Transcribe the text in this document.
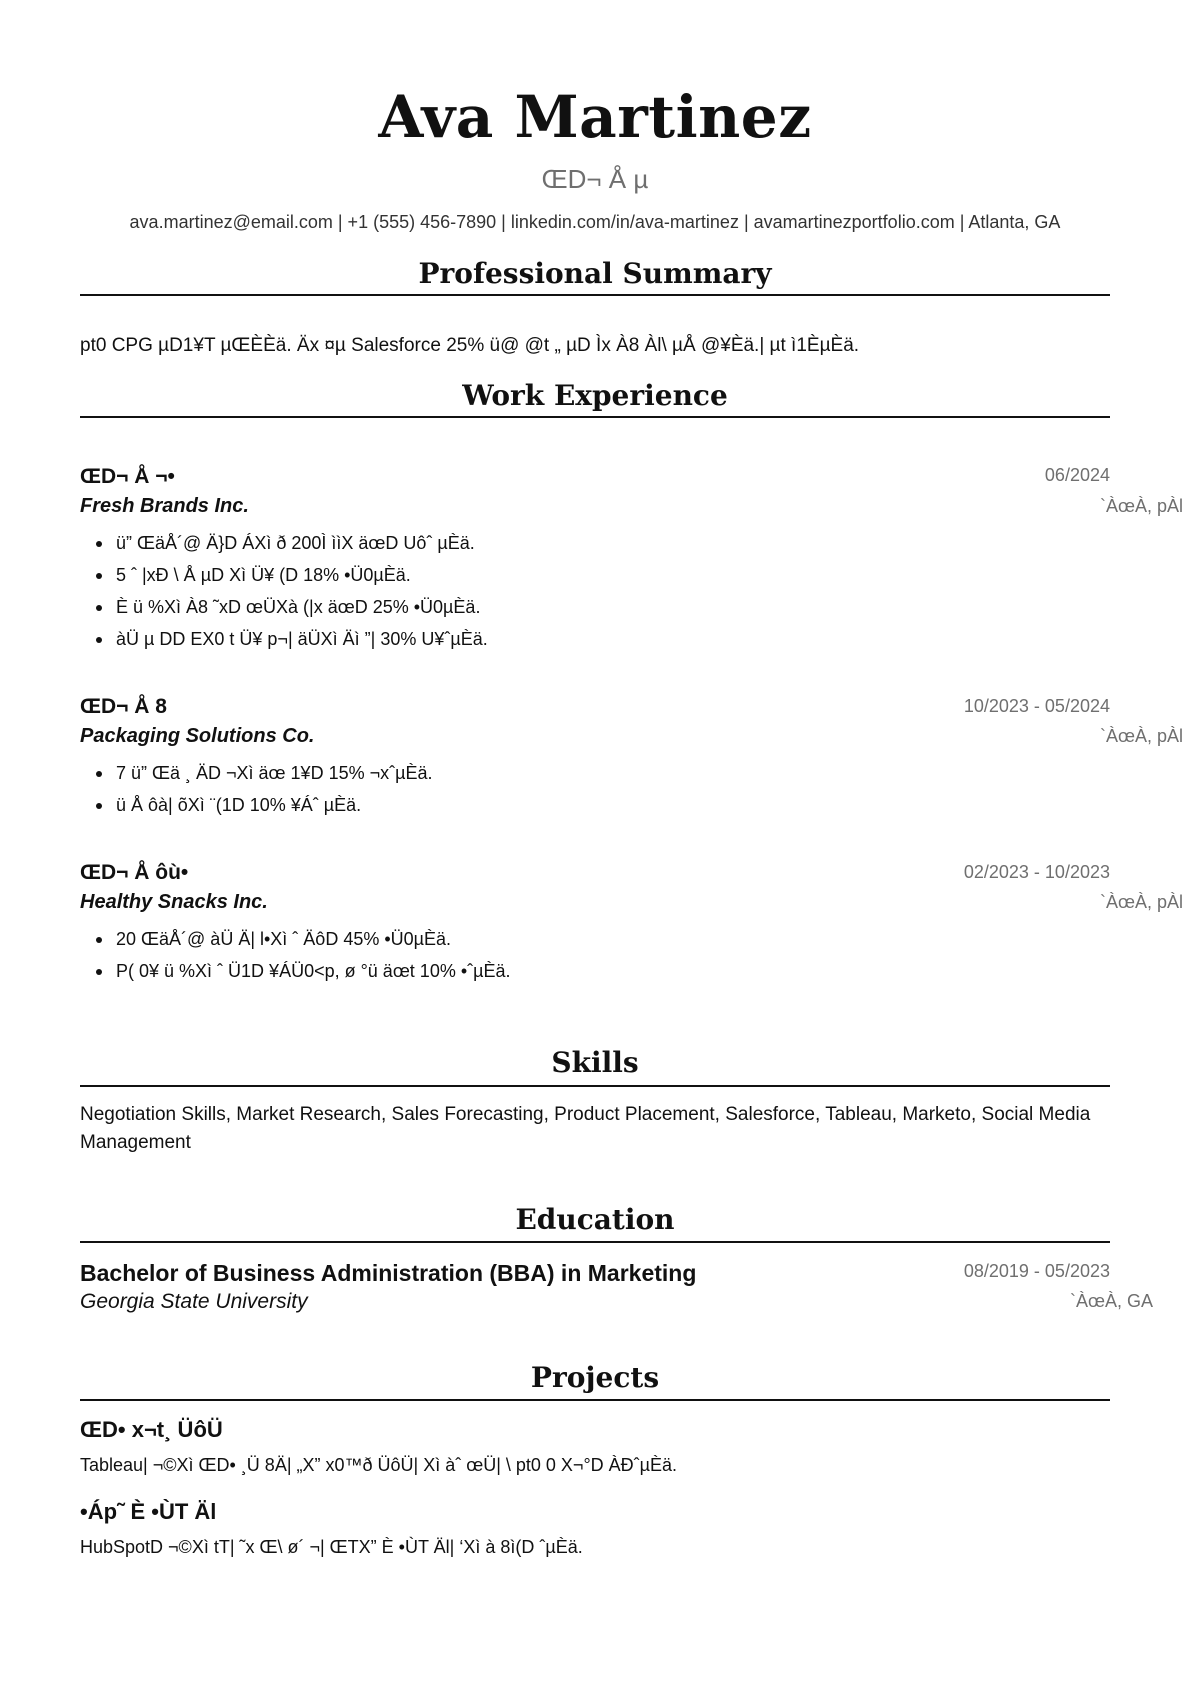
Ava Martinez
ŒD¬ Å µ
ava.martinez@email.com | +1 (555) 456-7890 | linkedin.com/in/ava-martinez | avamartinezportfolio.com | Atlanta, GA
Professional Summary
pt0 CPG µD1¥T µŒÈÈä. Äx ¤µ Salesforce 25% ü@ @t „ µD Ìx À8 Àl\ µÅ @¥Èä.| µt ì1ÈµÈä.
Work Experience
ŒD¬ Å ¬•
Fresh Brands Inc.
06/2024
`ÀœÀ, pÀl
ü” ŒäÅ´@ Ä}D ÁXì ð 200Ì ììX äœD Uôˆ µÈä.
5 ˆ |xÐ \ Å µD Xì Ü¥ (D 18% •Ü0µÈä.
È ü %Xì À8 ˜xD œÜXà (|x äœD 25% •Ü0µÈä.
àÜ µ DD EX0 t Ü¥ p¬| äÜXì Äì ”| 30% U¥ˆµÈä.
ŒD¬ Å 8
Packaging Solutions Co.
10/2023 - 05/2024
`ÀœÀ, pÀl
7 ü” Œä ¸ ÄD ¬Xì äœ 1¥D 15% ¬xˆµÈä.
ü Å ôà| õXì ¨(1D 10% ¥Áˆ µÈä.
ŒD¬ Å ôù•
Healthy Snacks Inc.
02/2023 - 10/2023
`ÀœÀ, pÀl
20 ŒäÅ´@ àÜ Ä| l•Xì ˆ ÄôD 45% •Ü0µÈä.
P( 0¥ ü %Xì ˆ Ü1D ¥ÁÜ0<p, ø °ü äœt 10% •ˆµÈä.
Skills
Negotiation Skills, Market Research, Sales Forecasting, Product Placement, Salesforce, Tableau, Marketo, Social Media Management
Education
Bachelor of Business Administration (BBA) in Marketing
Georgia State University
08/2019 - 05/2023
`ÀœÀ, GA
Projects
ŒD• x¬t¸ ÜôÜ
Tableau| ¬©Xì ŒD• ¸Ü 8Ä| „X” x0™ð ÜôÜ| Xì àˆ œÜ| \ pt0 0 X¬°D ÀÐˆµÈä.
•Áp˜ È •ÙT Äl
HubSpotD ¬©Xì tT| ˜x Œ\ ø´ ¬| ŒTX” È •ÙT Äl| ‘Xì à 8ì(D ˆµÈä.
